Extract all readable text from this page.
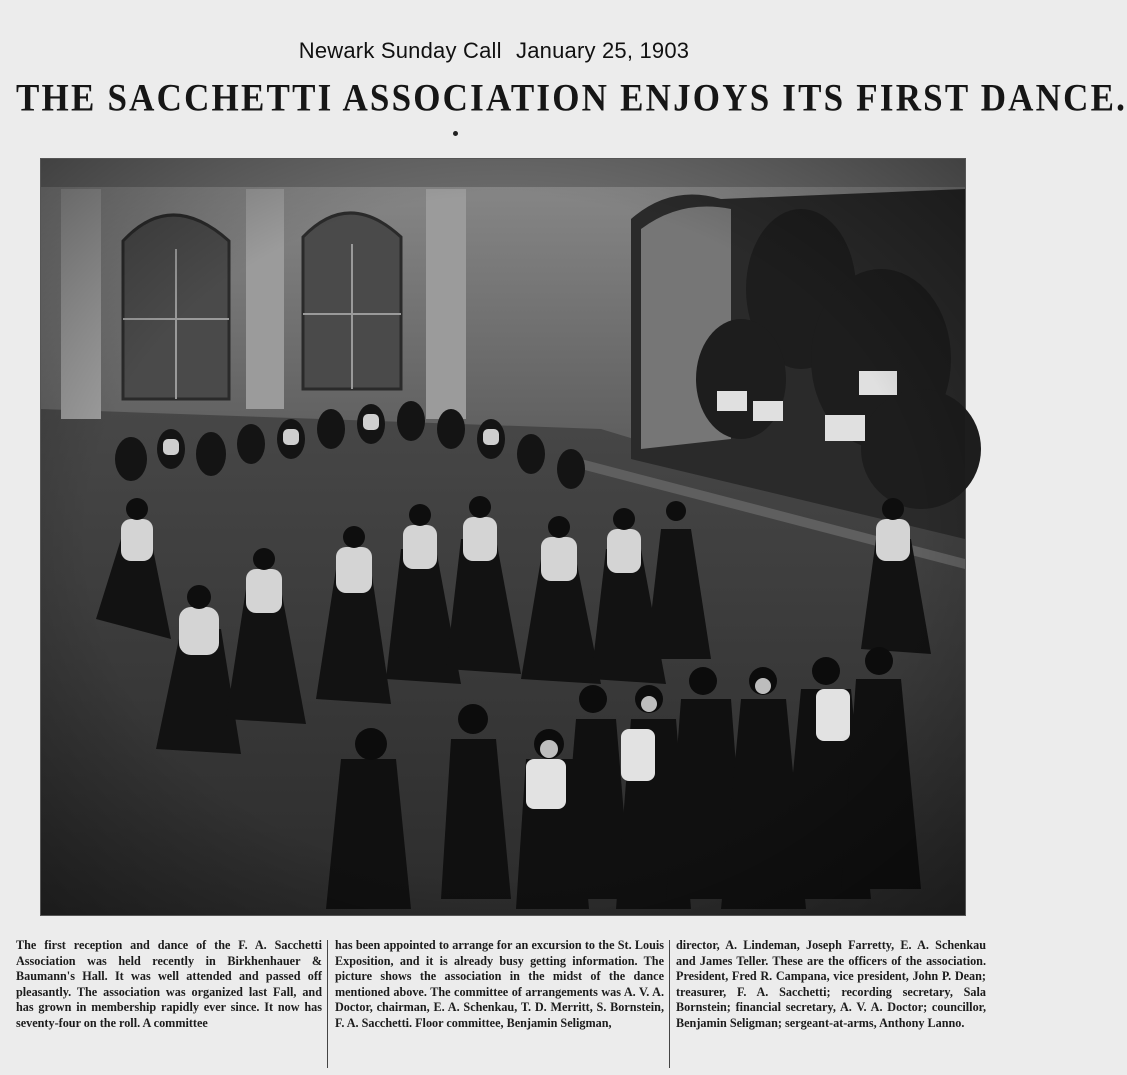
Newark Sunday Call January 25, 1903
THE SACCHETTI ASSOCIATION ENJOYS ITS FIRST DANCE.
The first reception and dance of the F. A. Sacchetti Association was held recently in Birkhenhauer & Baumann's Hall. It was well attended and passed off pleasantly. The association was organized last Fall, and has grown in membership rapidly ever since. It now has seventy-four on the roll. A committee
has been appointed to arrange for an excursion to the St. Louis Exposition, and it is already busy getting information. The picture shows the association in the midst of the dance mentioned above. The committee of arrangements was A. V. A. Doctor, chairman, E. A. Schenkau, T. D. Merritt, S. Bornstein, F. A. Sacchetti. Floor committee, Benjamin Seligman,
director, A. Lindeman, Joseph Farretty, E. A. Schenkau and James Teller. These are the officers of the association. President, Fred R. Campana, vice president, John P. Dean; treasurer, F. A. Sacchetti; recording secretary, Sala Bornstein; financial secretary, A. V. A. Doctor; councillor, Benjamin Seligman; sergeant-at-arms, Anthony Lanno.
